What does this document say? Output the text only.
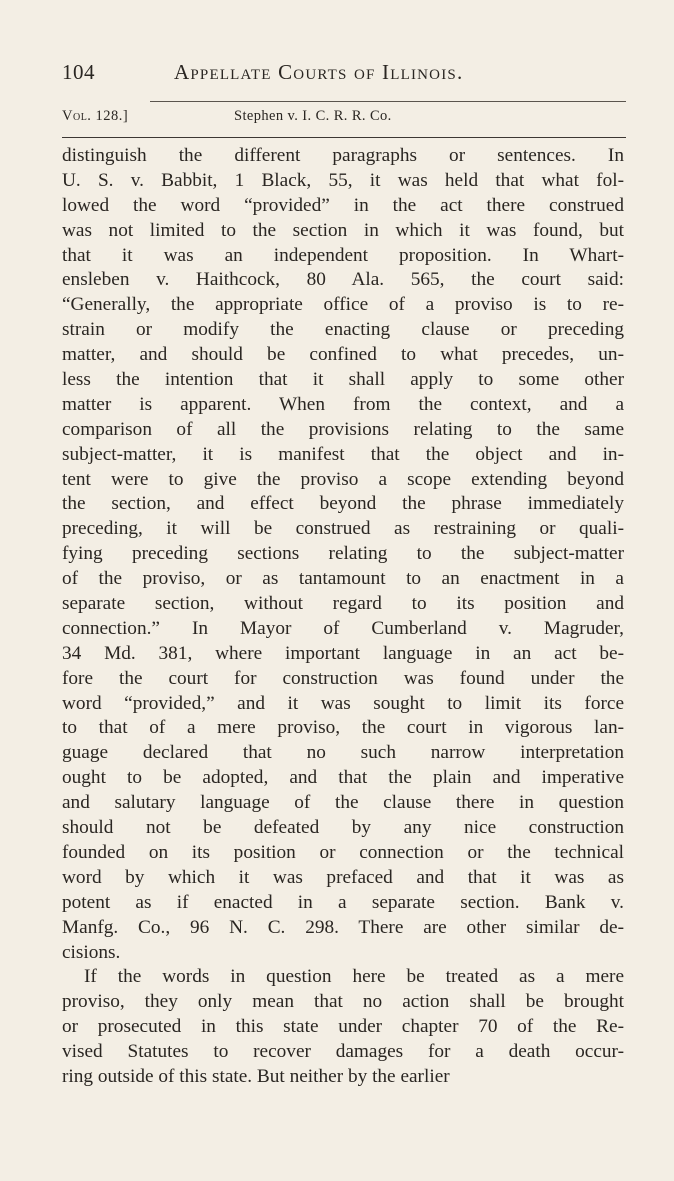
104	Appellate Courts of Illinois.
Vol. 128.]	Stephen v. I. C. R. R. Co.
distinguish the different paragraphs or sentences. In
U. S. v. Babbit, 1 Black, 55, it was held that what fol-
lowed the word “provided” in the act there construed
was not limited to the section in which it was found, but
that it was an independent proposition. In Whart-
ensleben v. Haithcock, 80 Ala. 565, the court said:
“Generally, the appropriate office of a proviso is to re-
strain or modify the enacting clause or preceding
matter, and should be confined to what precedes, un-
less the intention that it shall apply to some other
matter is apparent. When from the context, and a
comparison of all the provisions relating to the same
subject-matter, it is manifest that the object and in-
tent were to give the proviso a scope extending beyond
the section, and effect beyond the phrase immediately
preceding, it will be construed as restraining or quali-
fying preceding sections relating to the subject-matter
of the proviso, or as tantamount to an enactment in a
separate section, without regard to its position and
connection.” In Mayor of Cumberland v. Magruder,
34 Md. 381, where important language in an act be-
fore the court for construction was found under the
word “provided,” and it was sought to limit its force
to that of a mere proviso, the court in vigorous lan-
guage declared that no such narrow interpretation
ought to be adopted, and that the plain and imperative
and salutary language of the clause there in question
should not be defeated by any nice construction
founded on its position or connection or the technical
word by which it was prefaced and that it was as
potent as if enacted in a separate section. Bank v.
Manfg. Co., 96 N. C. 298. There are other similar de-
cisions.
If the words in question here be treated as a mere
proviso, they only mean that no action shall be brought
or prosecuted in this state under chapter 70 of the Re-
vised Statutes to recover damages for a death occur-
ring outside of this state. But neither by the earlier
